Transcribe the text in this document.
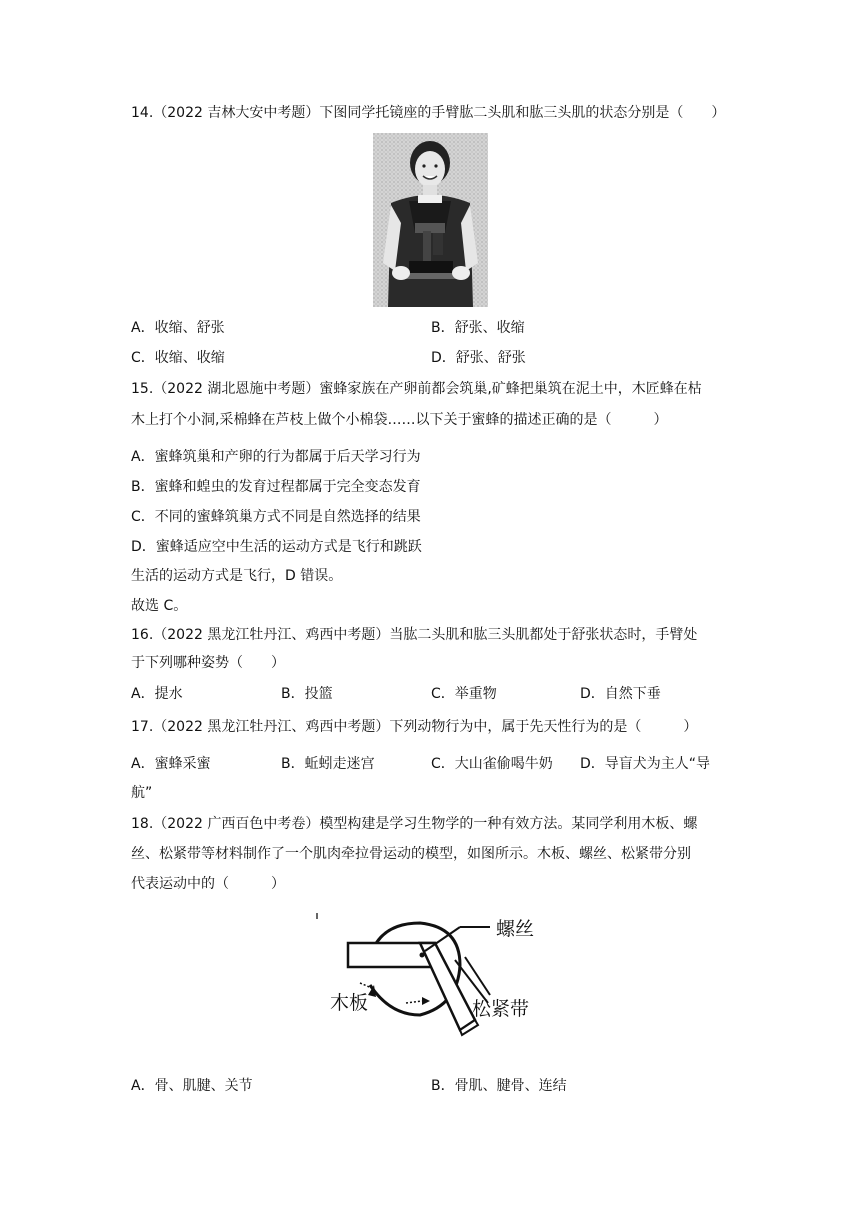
14.（2022 吉林大安中考题）下图同学托镜座的手臂肱二头肌和肱三头肌的状态分别是（　　）
A．收缩、舒张	B．舒张、收缩
C．收缩、收缩	D．舒张、舒张
15.（2022 湖北恩施中考题）蜜蜂家族在产卵前都会筑巢,矿蜂把巢筑在泥土中，木匠蜂在枯
木上打个小洞,采棉蜂在芦枝上做个小棉袋……以下关于蜜蜂的描述正确的是（　　　）
A．蜜蜂筑巢和产卵的行为都属于后天学习行为
B．蜜蜂和蝗虫的发育过程都属于完全变态发育
C．不同的蜜蜂筑巢方式不同是自然选择的结果
D．蜜蜂适应空中生活的运动方式是飞行和跳跃
生活的运动方式是飞行，D 错误。
故选 C。
16.（2022 黑龙江牡丹江、鸡西中考题）当肱二头肌和肱三头肌都处于舒张状态时，手臂处
于下列哪种姿势（　　）
A．提水	B．投篮	C．举重物	D．自然下垂
17.（2022 黑龙江牡丹江、鸡西中考题）下列动物行为中，属于先天性行为的是（　　　）
A．蜜蜂采蜜	B．蚯蚓走迷宫	C．大山雀偷喝牛奶 D．导盲犬为主人“导
航”
18.（2022 广西百色中考卷）模型构建是学习生物学的一种有效方法。某同学利用木板、螺
丝、松紧带等材料制作了一个肌肉牵拉骨运动的模型，如图所示。木板、螺丝、松紧带分别
代表运动中的（　　　）
螺丝
木板	松紧带
A．骨、肌腱、关节	B．骨肌、腱骨、连结
